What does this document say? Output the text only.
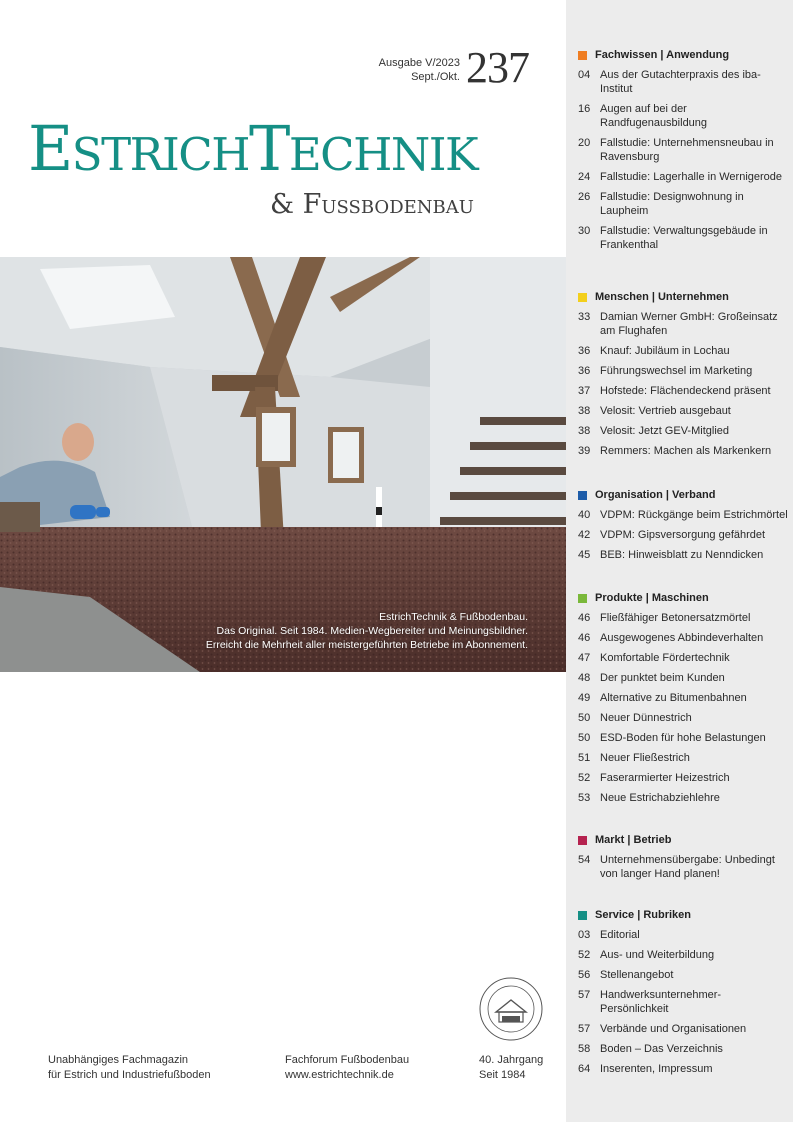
Ausgabe V/2023
Sept./Okt. 237
ESTRICHTECHNIK
& FUSSBODENBAU
EstrichTechnik & Fußbodenbau.
Das Original. Seit 1984. Medien-Wegbereiter und Meinungsbildner.
Erreicht die Mehrheit aller meistergeführten Betriebe im Abonnement.
Unabhängiges Fachmagazin
für Estrich und Industriefußboden
Fachforum Fußbodenbau
www.estrichtechnik.de
40. Jahrgang
Seit 1984
Fachwissen | Anwendung
04 Aus der Gutachterpraxis des iba-Institut
16 Augen auf bei der Randfugenausbildung
20 Fallstudie: Unternehmensneubau in Ravensburg
24 Fallstudie: Lagerhalle in Wernigerode
26 Fallstudie: Designwohnung in Laupheim
30 Fallstudie: Verwaltungsgebäude in Frankenthal
Menschen | Unternehmen
33 Damian Werner GmbH: Großeinsatz am Flughafen
36 Knauf: Jubiläum in Lochau
36 Führungswechsel im Marketing
37 Hofstede: Flächendeckend präsent
38 Velosit: Vertrieb ausgebaut
38 Velosit: Jetzt GEV-Mitglied
39 Remmers: Machen als Markenkern
Organisation | Verband
40 VDPM: Rückgänge beim Estrichmörtel
42 VDPM: Gipsversorgung gefährdet
45 BEB: Hinweisblatt zu Nenndicken
Produkte | Maschinen
46 Fließfähiger Betonersatzmörtel
46 Ausgewogenes Abbindeverhalten
47 Komfortable Fördertechnik
48 Der punktet beim Kunden
49 Alternative zu Bitumenbahnen
50 Neuer Dünnestrich
50 ESD-Boden für hohe Belastungen
51 Neuer Fließestrich
52 Faserarmierter Heizestrich
53 Neue Estrichabziehlehre
Markt | Betrieb
54 Unternehmensübergabe: Unbedingt von langer Hand planen!
Service | Rubriken
03 Editorial
52 Aus- und Weiterbildung
56 Stellenangebot
57 Handwerksunternehmer-Persönlichkeit
57 Verbände und Organisationen
58 Boden – Das Verzeichnis
64 Inserenten, Impressum
